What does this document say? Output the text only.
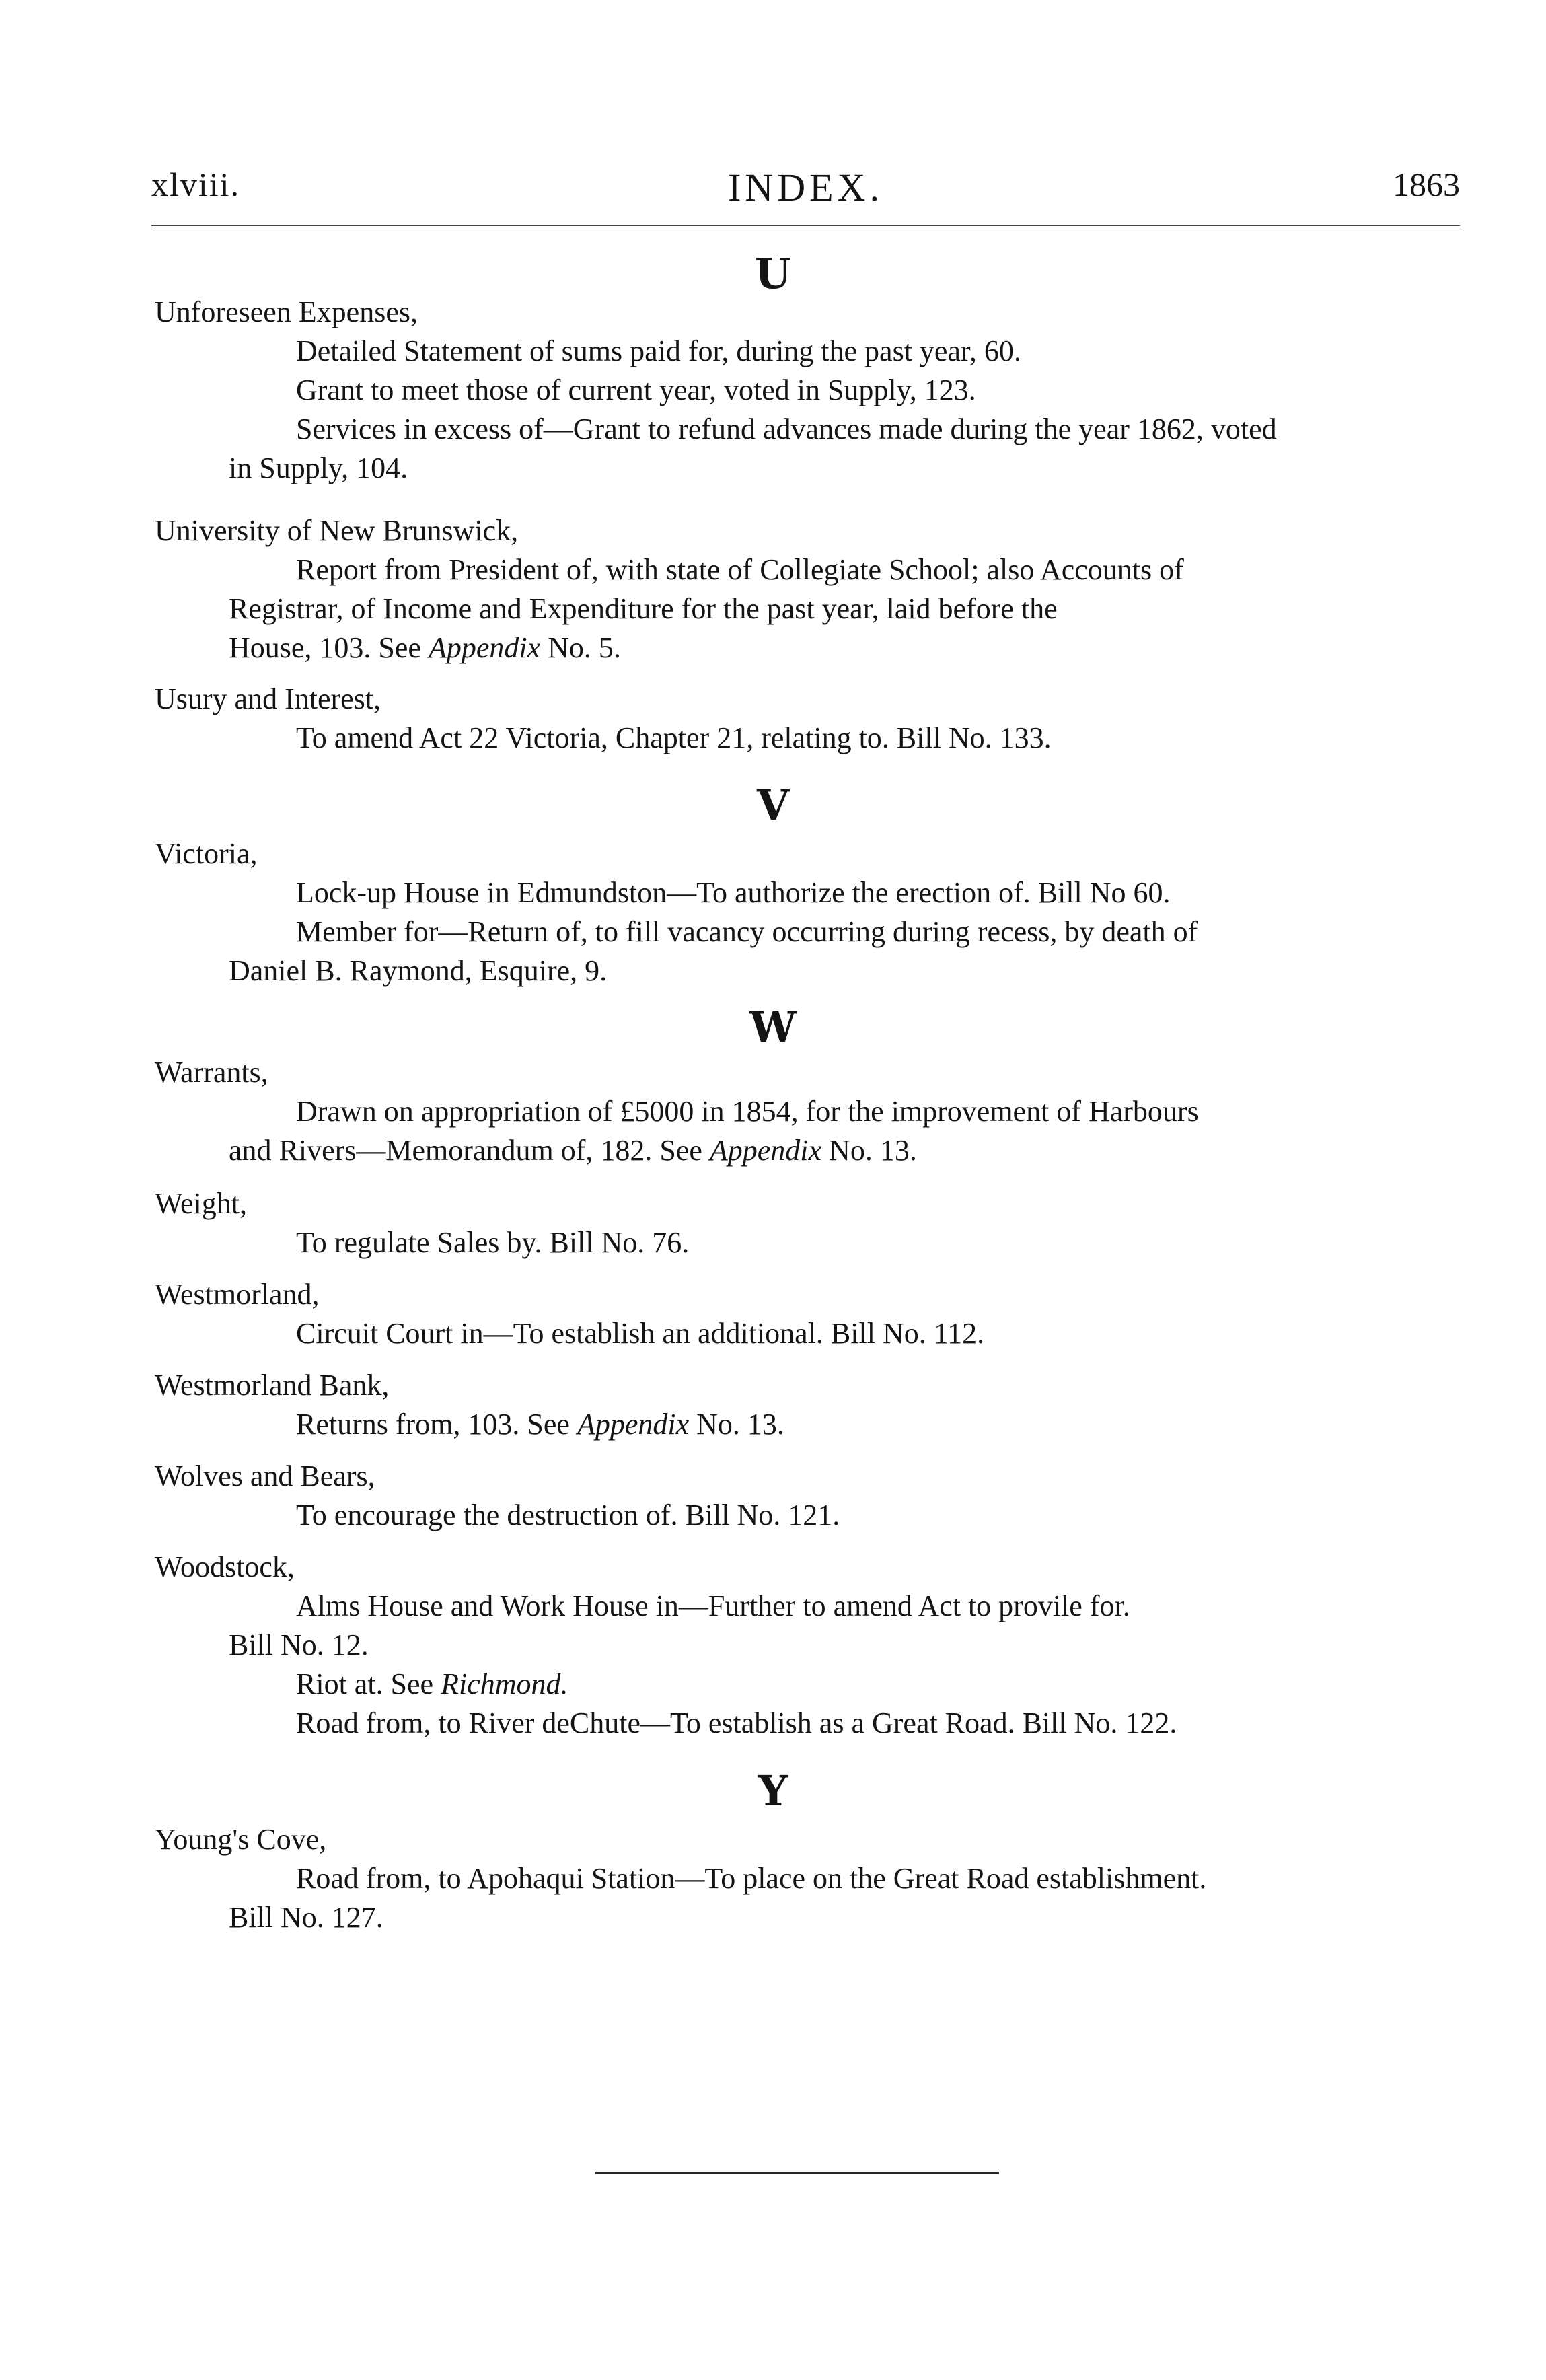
xlviii.	INDEX.	1863
U
Unforeseen Expenses,
Detailed Statement of sums paid for, during the past year, 60.
Grant to meet those of current year, voted in Supply, 123.
Services in excess of—Grant to refund advances made during the year 1862, voted
in Supply, 104.
University of New Brunswick,
Report from President of, with state of Collegiate School; also Accounts of
Registrar, of Income and Expenditure for the past year, laid before the
House, 103. See Appendix No. 5.
Usury and Interest,
To amend Act 22 Victoria, Chapter 21, relating to. Bill No. 133.
V
Victoria,
Lock-up House in Edmundston—To authorize the erection of. Bill No 60.
Member for—Return of, to fill vacancy occurring during recess, by death of
Daniel B. Raymond, Esquire, 9.
W
Warrants,
Drawn on appropriation of £5000 in 1854, for the improvement of Harbours
and Rivers—Memorandum of, 182. See Appendix No. 13.
Weight,
To regulate Sales by. Bill No. 76.
Westmorland,
Circuit Court in—To establish an additional. Bill No. 112.
Westmorland Bank,
Returns from, 103. See Appendix No. 13.
Wolves and Bears,
To encourage the destruction of. Bill No. 121.
Woodstock,
Alms House and Work House in—Further to amend Act to provile for.
Bill No. 12.
Riot at. See Richmond.
Road from, to River deChute—To establish as a Great Road. Bill No. 122.
Y
Young's Cove,
Road from, to Apohaqui Station—To place on the Great Road establishment.
Bill No. 127.
